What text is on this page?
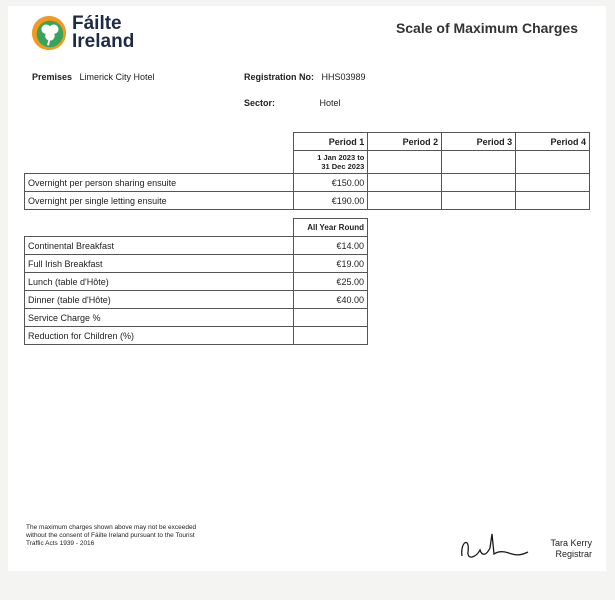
Fáilte
Ireland
Scale of Maximum Charges
Premises Limerick City Hotel	Registration No: HHS03989
Sector:	Hotel
	Period 1	Period 2	Period 3	Period 4

	1 Jan 2023 to
31 Dec 2023			

Overnight per person sharing ensuite	€150.00			
Overnight per single letting ensuite	€190.00			
	All Year Round
Continental Breakfast	€14.00
Full Irish Breakfast	€19.00
Lunch (table d'Hôte)	€25.00
Dinner (table d'Hôte)	€40.00
Service Charge %	
Reduction for Children (%)	
The maximum charges shown above may not be exceeded without the consent of Fáilte Ireland pursuant to the Tourist Traffic Acts 1939 - 2016	Tara Kerry
Registrar
